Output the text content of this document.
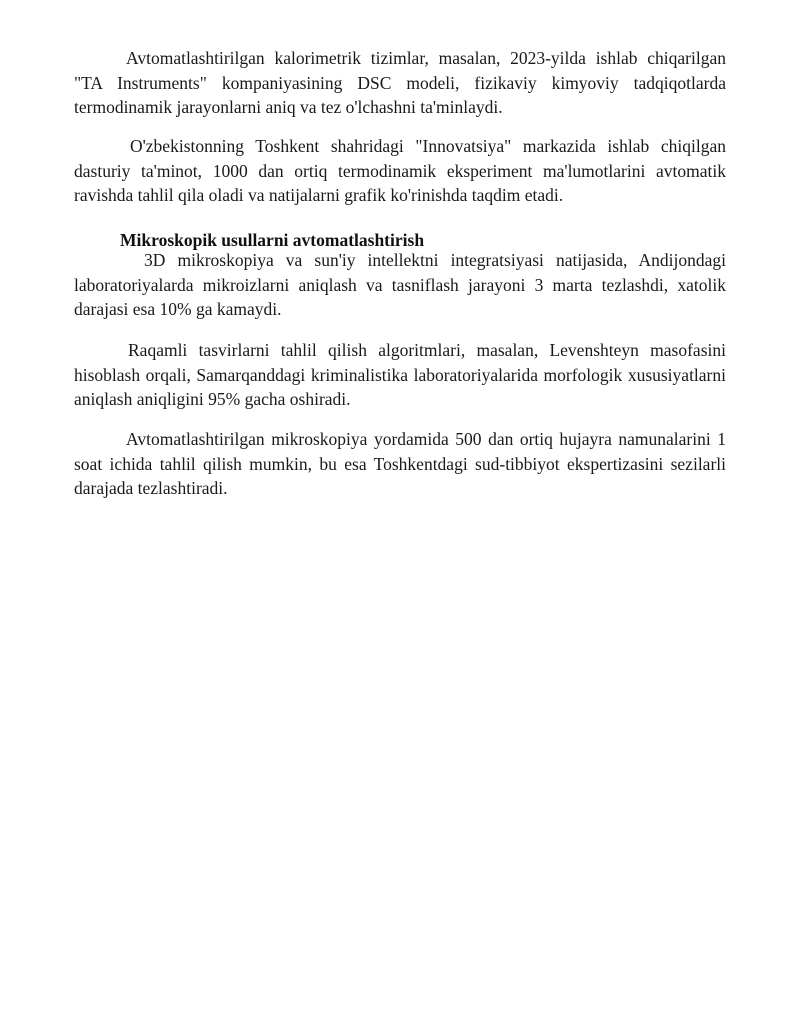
Avtomatlashtirilgan kalorimetrik tizimlar, masalan, 2023-yilda ishlab chiqarilgan "TA Instruments" kompaniyasining DSC modeli, fizikaviy kimyoviy tadqiqotlarda termodinamik jarayonlarni aniq va tez o'lchashni ta'minlaydi.

O'zbekistonning Toshkent shahridagi "Innovatsiya" markazida ishlab chiqilgan dasturiy ta'minot, 1000 dan ortiq termodinamik eksperiment ma'lumotlarini avtomatik ravishda tahlil qila oladi va natijalarni grafik ko'rinishda taqdim etadi.

Mikroskopik usullarni avtomatlashtirish

3D mikroskopiya va sun'iy intellektni integratsiyasi natijasida, Andijondagi laboratoriyalarda mikroizlarni aniqlash va tasniflash jarayoni 3 marta tezlashdi, xatolik darajasi esa 10% ga kamaydi.

Raqamli tasvirlarni tahlil qilish algoritmlari, masalan, Levenshteyn masofasini hisoblash orqali, Samarqanddagi kriminalistika laboratoriyalarida morfologik xususiyatlarni aniqlash aniqligini 95% gacha oshiradi.

Avtomatlashtirilgan mikroskopiya yordamida 500 dan ortiq hujayra namunalarini 1 soat ichida tahlil qilish mumkin, bu esa Toshkentdagi sud-tibbiyot ekspertizasini sezilarli darajada tezlashtiradi.
